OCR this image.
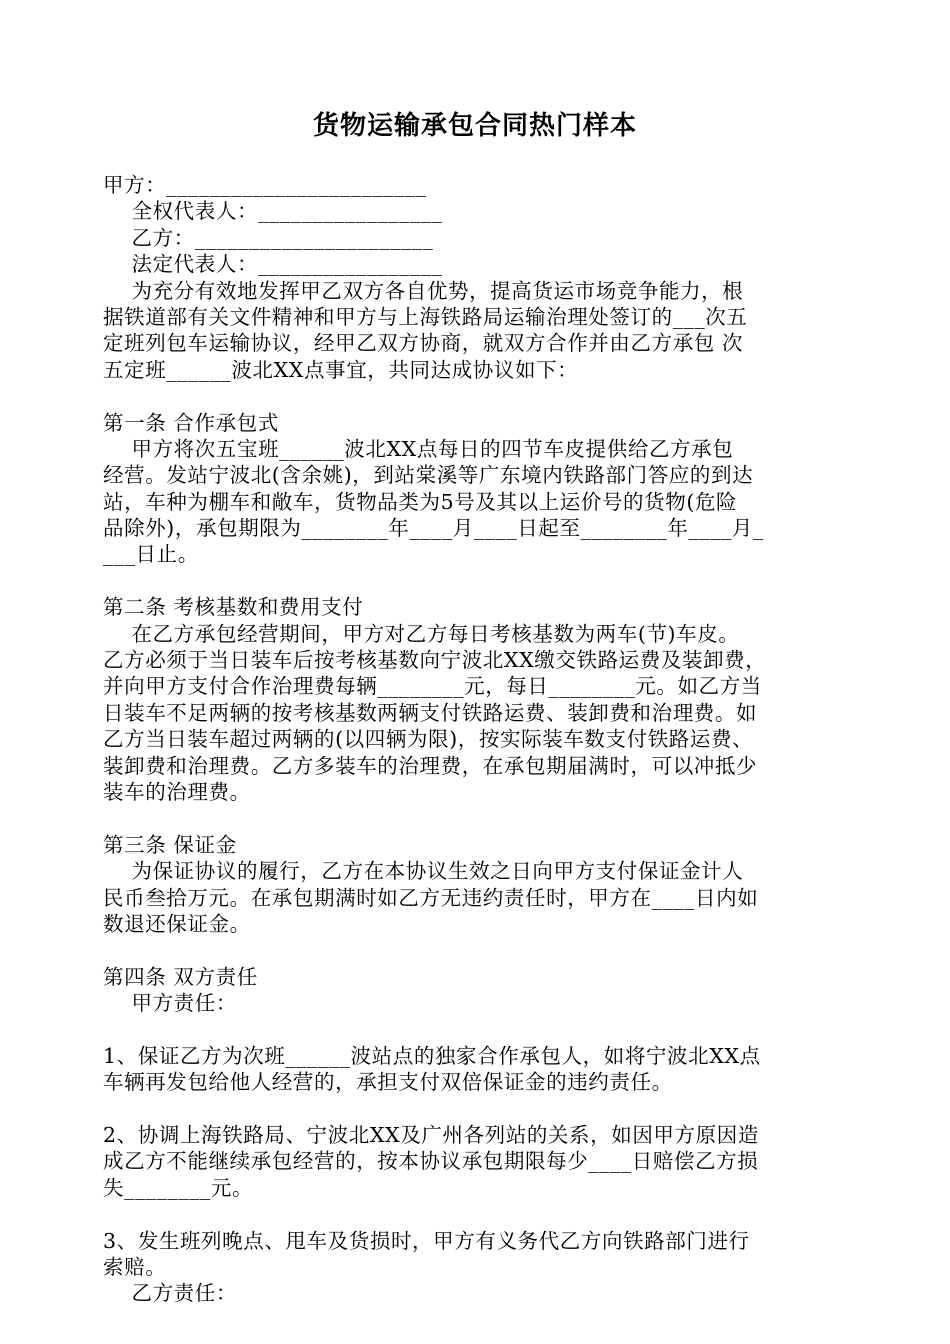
货物运输承包合同热门样本
甲方：________________________
全权代表人：_________________
乙方：______________________
法定代表人：_________________
为充分有效地发挥甲乙双方各自优势，提高货运市场竞争能力，根
据铁道部有关文件精神和甲方与上海铁路局运输治理处签订的___次五
定班列包车运输协议，经甲乙双方协商，就双方合作并由乙方承包 次
五定班______波北XX点事宜，共同达成协议如下：
第一条 合作承包式
甲方将次五宝班______波北XX点每日的四节车皮提供给乙方承包
经营。发站宁波北(含余姚)，到站棠溪等广东境内铁路部门答应的到达
站，车种为棚车和敞车，货物品类为5号及其以上运价号的货物(危险
品除外)，承包期限为________年____月____日起至________年____月_
___日止。
第二条 考核基数和费用支付
在乙方承包经营期间，甲方对乙方每日考核基数为两车(节)车皮。
乙方必须于当日装车后按考核基数向宁波北XX缴交铁路运费及装卸费，
并向甲方支付合作治理费每辆________元，每日________元。如乙方当
日装车不足两辆的按考核基数两辆支付铁路运费、装卸费和治理费。如
乙方当日装车超过两辆的(以四辆为限)，按实际装车数支付铁路运费、
装卸费和治理费。乙方多装车的治理费，在承包期届满时，可以冲抵少
装车的治理费。
第三条 保证金
为保证协议的履行，乙方在本协议生效之日向甲方支付保证金计人
民币叁拾万元。在承包期满时如乙方无违约责任时，甲方在____日内如
数退还保证金。
第四条 双方责任
甲方责任：
1、保证乙方为次班______波站点的独家合作承包人，如将宁波北XX点
车辆再发包给他人经营的，承担支付双倍保证金的违约责任。
2、协调上海铁路局、宁波北XX及广州各列站的关系，如因甲方原因造
成乙方不能继续承包经营的，按本协议承包期限每少____日赔偿乙方损
失________元。
3、发生班列晚点、甩车及货损时，甲方有义务代乙方向铁路部门进行
索赔。
乙方责任：
